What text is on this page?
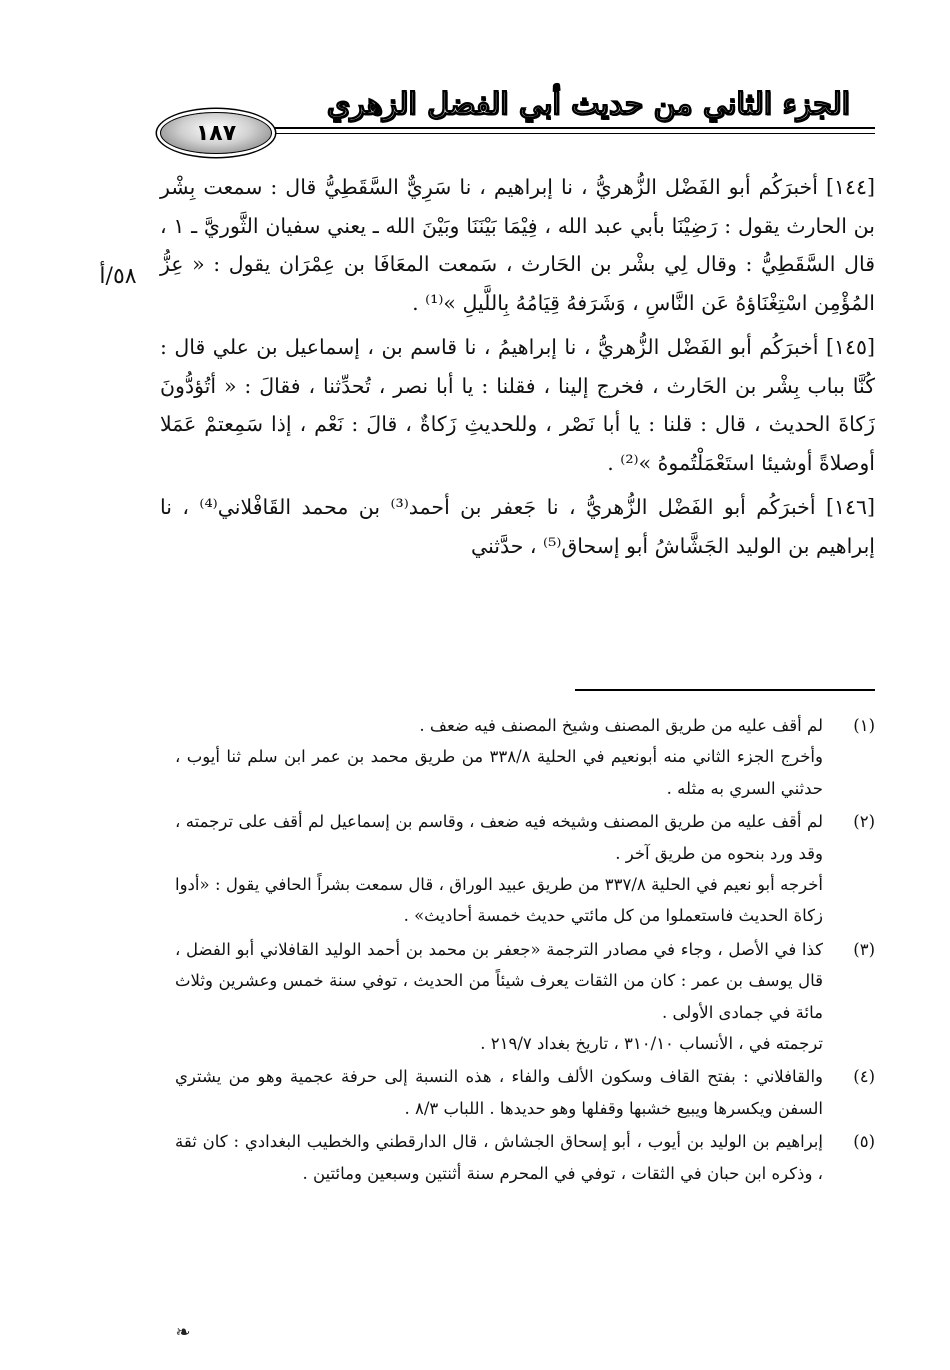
الجزء الثاني من حديث أبي الفضل الزهري
١٨٧
٥٨/أ

[١٤٤] أخبرَكُم أبو الفَضْل الزُّهريُّ ، نا إبراهيم ، نا سَرِيٌّ السَّقَطِيُّ قال : سمعت بِشْر بن الحارث يقول : رَضِيْنَا بأبي عبد الله ، فِيْمَا بَيْنَنَا وبَيْنَ الله ـ يعني سفيان الثَّوريَّ ـ ١ ، قال السَّقَطِيُّ : وقال لِي بشْر بن الحَارث ، سَمعت المعَافَا بن عِمْرَان يقول : « عِزُّ المُؤْمِن اسْتِغْنَاؤهُ عَن النَّاسِ ، وَشَرَفهُ قِيَامُهُ بِاللَّيلِ »⁽¹⁾ .

[١٤٥] أخبرَكُم أبو الفَضْل الزُّهريُّ ، نا إبراهيمُ ، نا قاسم بن ، إسماعيل بن علي قال : كُنَّا بباب بِشْر بن الحَارث ، فخرج إلينا ، فقلنا : يا أبا نصر ، تُحدِّثنا ، فقالَ : « أتُؤدُّونَ زَكاةَ الحديث ، قال : قلنا : يا أبا نَصْر ، وللحديثِ زَكاةٌ ، قالَ : نَعْم ، إذا سَمِعتمْ عَمَلا أوصلاةً أوشيئا استَعْمَلْتُموهُ »⁽²⁾ .

[١٤٦] أخبرَكُم أبو الفَضْل الزُّهريُّ ، نا جَعفر بن أحمد⁽³⁾ بن محمد القَافْلاني⁽⁴⁾ ، نا إبراهيم بن الوليد الجَشَّاشُ أبو إسحاق⁽⁵⁾ ، حدَّثني

(١)

لم أقف عليه من طريق المصنف وشيخ المصنف فيه ضعف .

وأخرج الجزء الثاني منه أبونعيم في الحلية ٣٣٨/٨ من طريق محمد بن عمر ابن سلم ثنا أيوب ، حدثني السري به مثله .

(٢)

لم أقف عليه من طريق المصنف وشيخه فيه ضعف ، وقاسم بن إسماعيل لم أقف على ترجمته ، وقد ورد بنحوه من طريق آخر .

أخرجه أبو نعيم في الحلية ٣٣٧/٨ من طريق عبيد الوراق ، قال سمعت بشراً الحافي يقول : «أدوا زكاة الحديث فاستعملوا من كل مائتي حديث خمسة أحاديث» .

(٣)

كذا في الأصل ، وجاء في مصادر الترجمة «جعفر بن محمد بن أحمد الوليد القافلاني أبو الفضل ، قال يوسف بن عمر : كان من الثقات يعرف شيئاً من الحديث ، توفي سنة خمس وعشرين وثلاث مائة في جمادى الأولى .

ترجمته في ، الأنساب ٣١٠/١٠ ، تاريخ بغداد ٢١٩/٧ .

(٤)

والقافلاني : بفتح القاف وسكون الألف والفاء ، هذه النسبة إلى حرفة عجمية وهو من يشتري السفن ويكسرها ويبيع خشبها وقفلها وهو حديدها . اللباب ٨/٣ .

(٥)

إبراهيم بن الوليد بن أيوب ، أبو إسحاق الجشاش ، قال الدارقطني والخطيب البغدادي : كان ثقة ، وذكره ابن حبان في الثقات ، توفي في المحرم سنة أثنتين وسبعين ومائتين .

❧
